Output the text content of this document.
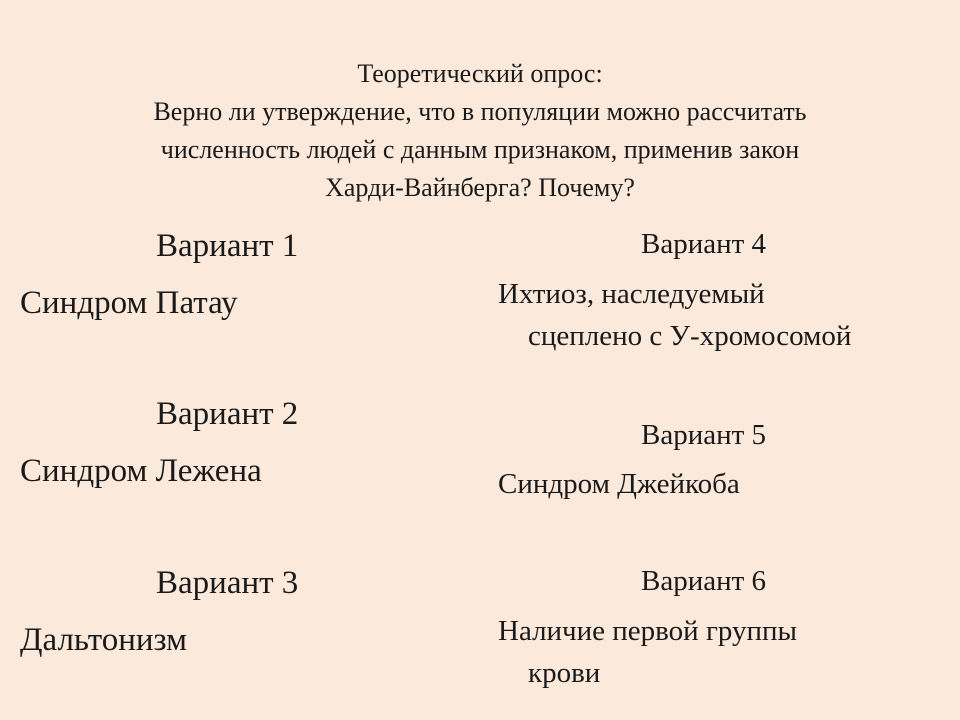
Теоретический опрос:
Верно ли утверждение, что в популяции можно рассчитать
численность людей с данным признаком, применив закон
Харди-Вайнберга? Почему?
Вариант 1
Синдром Патау
Вариант 2
Синдром Лежена
Вариант 3
Дальтонизм
Вариант 4
Ихтиоз, наследуемый
сцеплено с У-хромосомой
Вариант 5
Синдром Джейкоба
Вариант 6
Наличие первой группы
крови
